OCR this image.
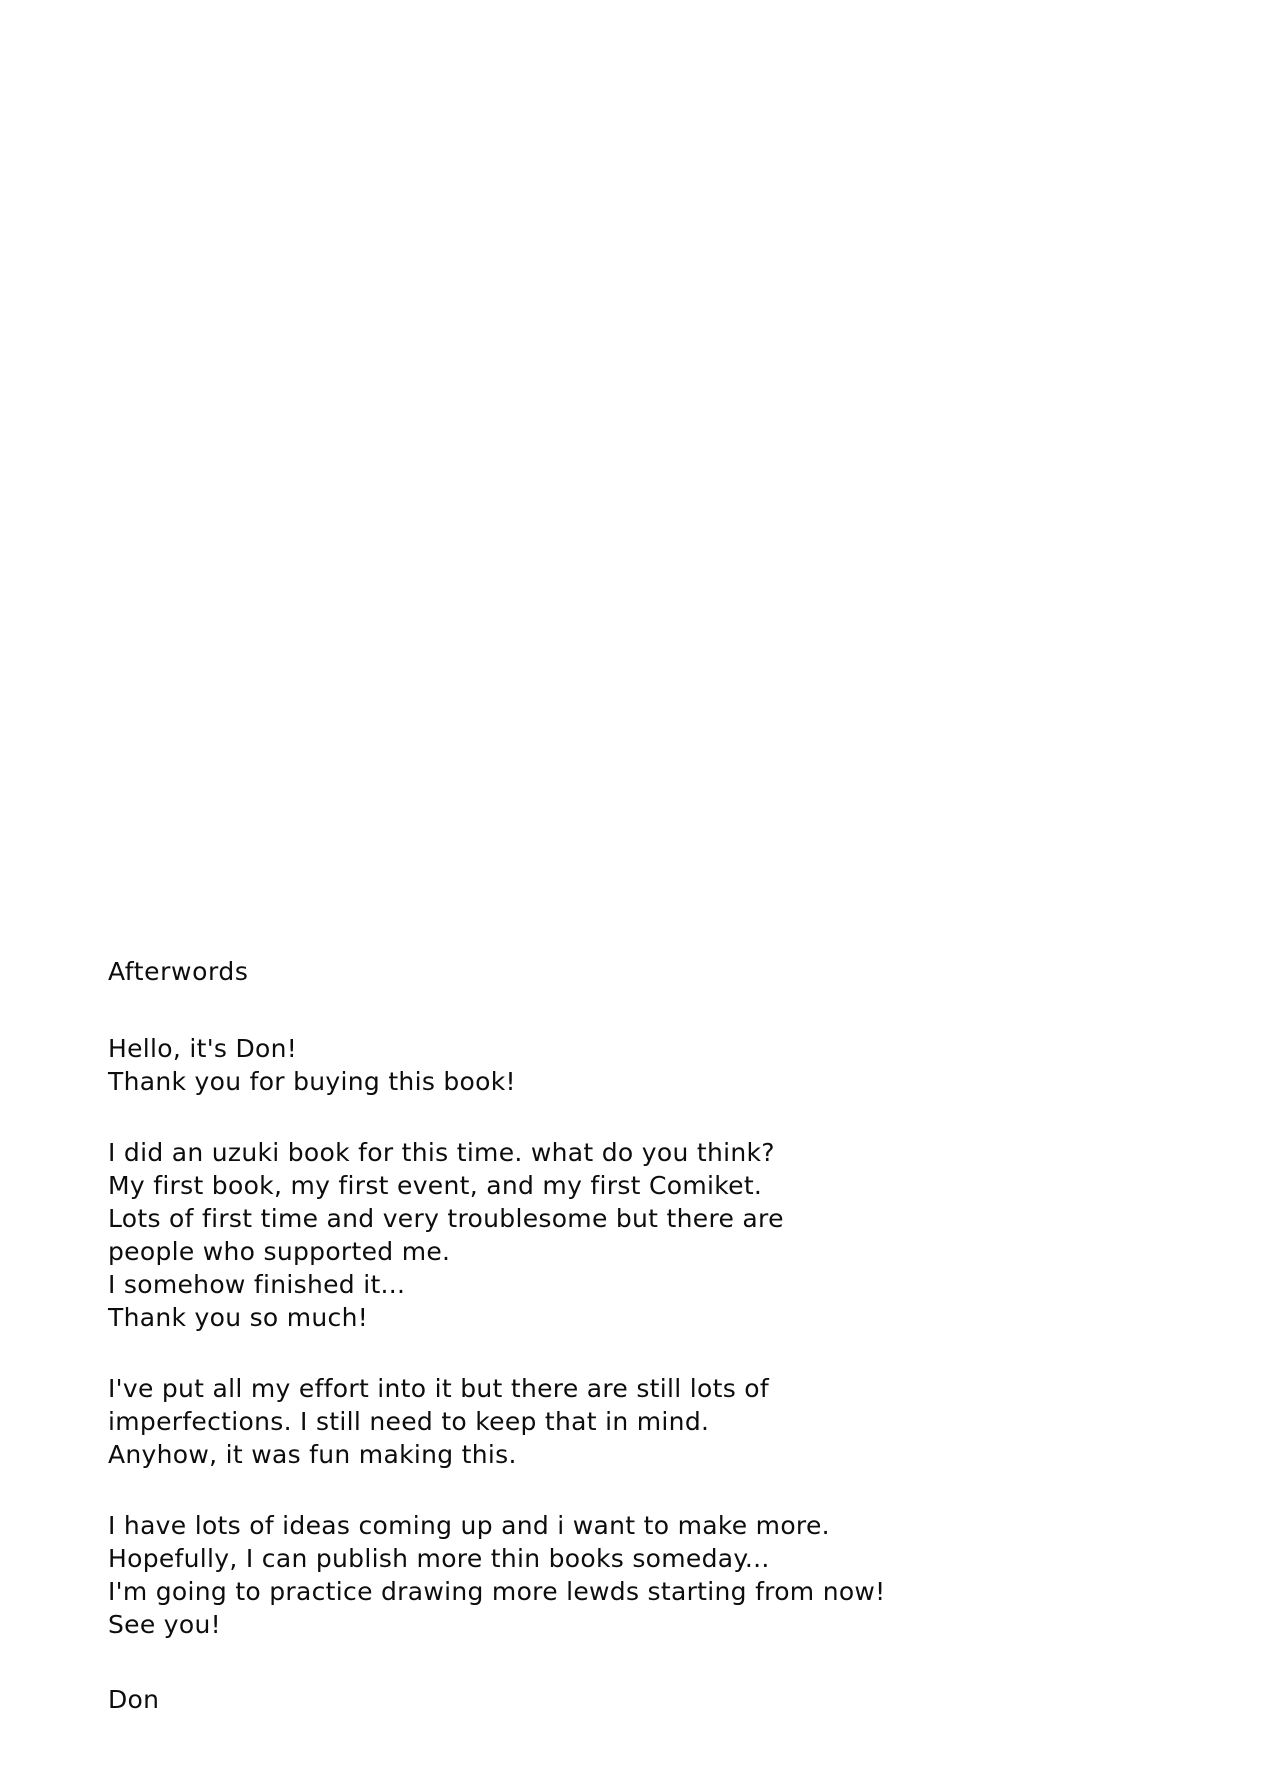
Afterwords
Hello, it's Don!
Thank you for buying this book!
I did an uzuki book for this time. what do you think?
My first book, my first event, and my first Comiket.
Lots of first time and very troublesome but there are
people who supported me.
I somehow finished it...
Thank you so much!
I've put all my effort into it but there are still lots of
imperfections. I still need to keep that in mind.
Anyhow, it was fun making this.
I have lots of ideas coming up and i want to make more.
Hopefully, I can publish more thin books someday...
I'm going to practice drawing more lewds starting from now!
See you!
Don
